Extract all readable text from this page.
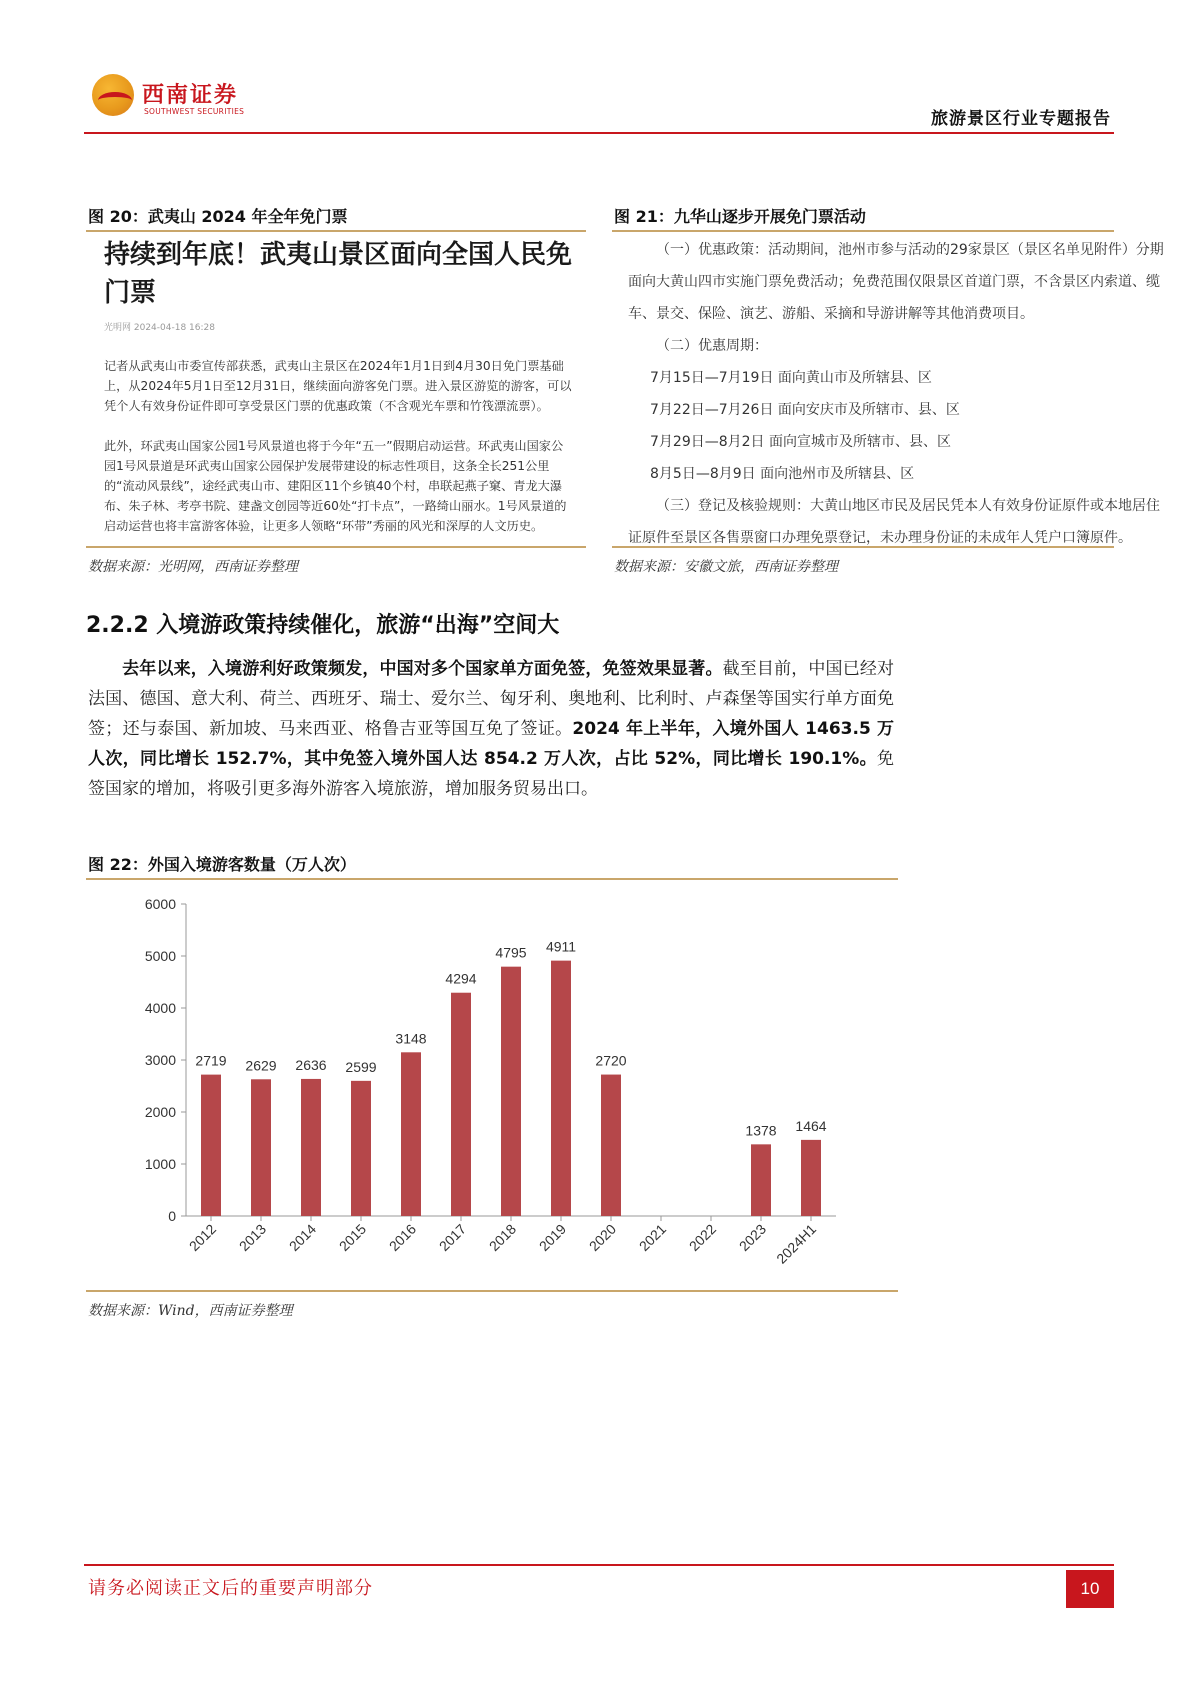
西南证券
SOUTHWEST SECURITIES	旅游景区行业专题报告
图 20：武夷山 2024 年全年免门票
持续到年底！武夷山景区面向全国人民免门票
光明网 2024-04-18 16:28
记者从武夷山市委宣传部获悉，武夷山主景区在2024年1月1日到4月30日免门票基础上，从2024年5月1日至12月31日，继续面向游客免门票。进入景区游览的游客，可以凭个人有效身份证件即可享受景区门票的优惠政策（不含观光车票和竹筏漂流票）。
此外，环武夷山国家公园1号风景道也将于今年“五一”假期启动运营。环武夷山国家公园1号风景道是环武夷山国家公园保护发展带建设的标志性项目，这条全长251公里的“流动风景线”，途经武夷山市、建阳区11个乡镇40个村，串联起燕子窠、青龙大瀑布、朱子林、考亭书院、建盏文创园等近60处“打卡点”，一路绮山丽水。1号风景道的启动运营也将丰富游客体验，让更多人领略“环带”秀丽的风光和深厚的人文历史。
数据来源：光明网，西南证券整理
图 21：九华山逐步开展免门票活动
（一）优惠政策：活动期间，池州市参与活动的29家景区（景区名单见附件）分期
面向大黄山四市实施门票免费活动；免费范围仅限景区首道门票，不含景区内索道、缆
车、景交、保险、演艺、游船、采摘和导游讲解等其他消费项目。
（二）优惠周期：
7月15日—7月19日 面向黄山市及所辖县、区
7月22日—7月26日 面向安庆市及所辖市、县、区
7月29日—8月2日 面向宣城市及所辖市、县、区
8月5日—8月9日 面向池州市及所辖县、区
（三）登记及核验规则：大黄山地区市民及居民凭本人有效身份证原件或本地居住
证原件至景区各售票窗口办理免票登记，未办理身份证的未成年人凭户口簿原件。
数据来源：安徽文旅，西南证券整理
2.2.2 入境游政策持续催化，旅游“出海”空间大
去年以来，入境游利好政策频发，中国对多个国家单方面免签，免签效果显著。截至目前，中国已经对法国、德国、意大利、荷兰、西班牙、瑞士、爱尔兰、匈牙利、奥地利、比利时、卢森堡等国实行单方面免签；还与泰国、新加坡、马来西亚、格鲁吉亚等国互免了签证。2024 年上半年，入境外国人 1463.5 万人次，同比增长 152.7%，其中免签入境外国人达 854.2 万人次，占比 52%，同比增长 190.1%。免签国家的增加，将吸引更多海外游客入境旅游，增加服务贸易出口。
图 22：外国入境游客数量（万人次）
0
1000
2000
3000
4000
5000
6000
2719
2012
2629
2013
2636
2014
2599
2015
3148
2016
4294
2017
4795
2018
4911
2019
2720
2020 2021 2022
1378
2023
1464
2024H1
数据来源：Wind，西南证券整理
请务必阅读正文后的重要声明部分	10
